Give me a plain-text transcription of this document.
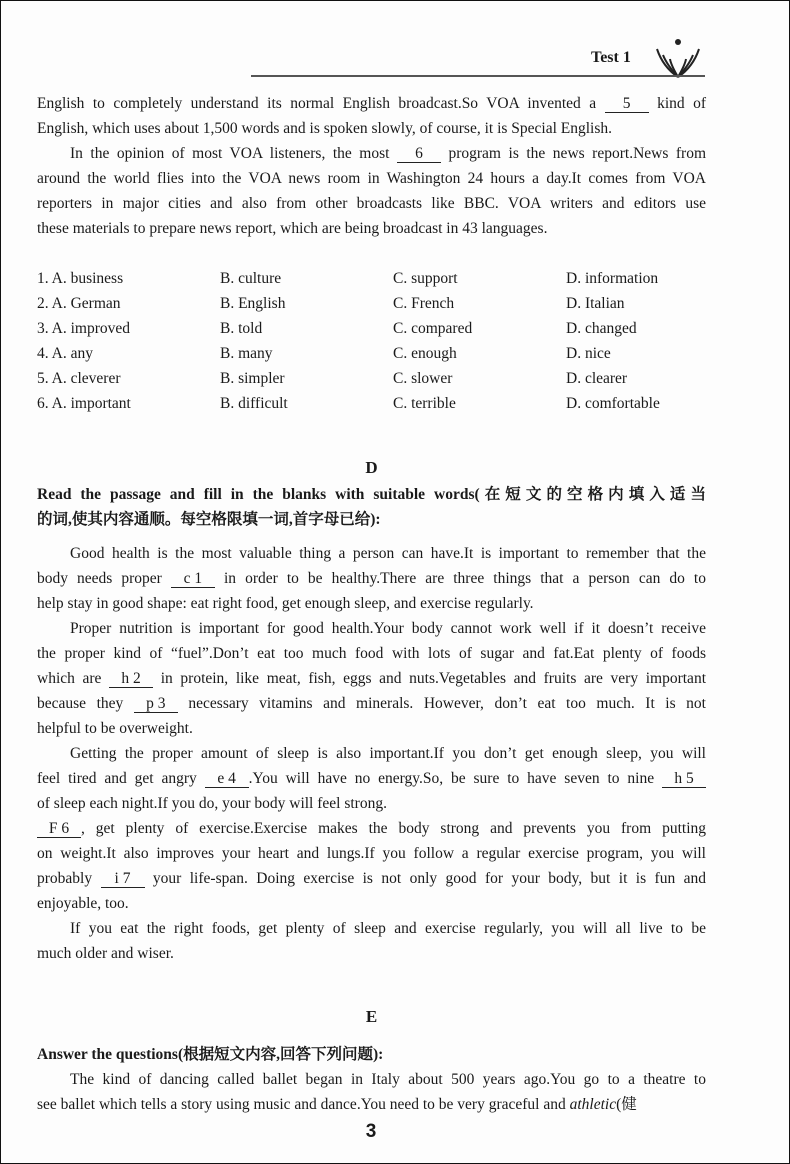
Test 1
English to completely understand its normal English broadcast.So VOA invented a 5 kind of
English, which uses about 1,500 words and is spoken slowly, of course, it is Special English.
In the opinion of most VOA listeners, the most 6 program is the news report.News from
around the world flies into the VOA news room in Washington 24 hours a day.It comes from VOA
reporters in major cities and also from other broadcasts like BBC. VOA writers and editors use
these materials to prepare news report, which are being broadcast in 43 languages.
1. A. business	B. culture	C. support	D. information
2. A. German	B. English	C. French	D. Italian
3. A. improved	B. told	C. compared	D. changed
4. A. any	B. many	C. enough	D. nice
5. A. cleverer	B. simpler	C. slower	D. clearer
6. A. important	B. difficult	C. terrible	D. comfortable
D
Read the passage and fill in the blanks with suitable words(在短文的空格内填入适当
的词,使其内容通顺。每空格限填一词,首字母已给):
Good health is the most valuable thing a person can have.It is important to remember that the
body needs proper c 1 in order to be healthy.There are three things that a person can do to
help stay in good shape: eat right food, get enough sleep, and exercise regularly.
Proper nutrition is important for good health.Your body cannot work well if it doesn’t receive
the proper kind of “fuel”.Don’t eat too much food with lots of sugar and fat.Eat plenty of foods
which are h 2 in protein, like meat, fish, eggs and nuts.Vegetables and fruits are very important
because they p 3 necessary vitamins and minerals. However, don’t eat too much. It is not
helpful to be overweight.
Getting the proper amount of sleep is also important.If you don’t get enough sleep, you will
feel tired and get angry e 4 .You will have no energy.So, be sure to have seven to nine h 5
of sleep each night.If you do, your body will feel strong.
F 6 , get plenty of exercise.Exercise makes the body strong and prevents you from putting
on weight.It also improves your heart and lungs.If you follow a regular exercise program, you will
probably i 7 your life-span. Doing exercise is not only good for your body, but it is fun and
enjoyable, too.
If you eat the right foods, get plenty of sleep and exercise regularly, you will all live to be
much older and wiser.
E
Answer the questions(根据短文内容,回答下列问题):
The kind of dancing called ballet began in Italy about 500 years ago.You go to a theatre to
see ballet which tells a story using music and dance.You need to be very graceful and athletic(健
3
